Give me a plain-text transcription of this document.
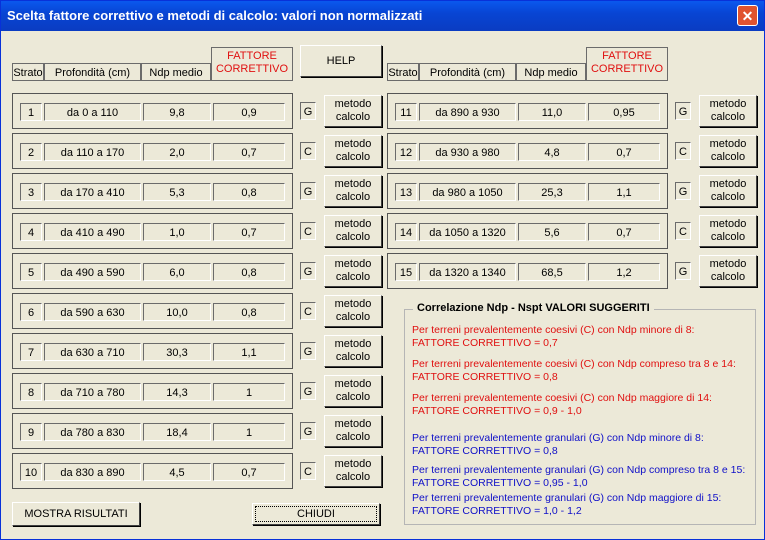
Scelta fattore correttivo e metodi di calcolo: valori non normalizzati	✕
Strato	Profondità (cm)	Ndp medio
FATTORE
CORRETTIVO
HELP
Strato	Profondità (cm)	Ndp medio
FATTORE
CORRETTIVO
1	da 0 a 110	9,8	0,9	G
metodo
calcolo
2	da 110 a 170	2,0	0,7	C
metodo
calcolo
3	da 170 a 410	5,3	0,8	G
metodo
calcolo
4	da 410 a 490	1,0	0,7	C
metodo
calcolo
5	da 490 a 590	6,0	0,8	G
metodo
calcolo
6	da 590 a 630	10,0	0,8	C
metodo
calcolo
7	da 630 a 710	30,3	1,1	G
metodo
calcolo
8	da 710 a 780	14,3	1	G
metodo
calcolo
9	da 780 a 830	18,4	1	G
metodo
calcolo
10	da 830 a 890	4,5	0,7	C
metodo
calcolo
11	da 890 a 930	11,0	0,95	G
metodo
calcolo
12	da 930 a 980	4,8	0,7	C
metodo
calcolo
13	da 980 a 1050	25,3	1,1	G
metodo
calcolo
14	da 1050 a 1320	5,6	0,7	C
metodo
calcolo
15	da 1320 a 1340	68,5	1,2	G
metodo
calcolo
Correlazione Ndp - Nspt VALORI SUGGERITI
Per terreni prevalentemente coesivi (C) con Ndp minore di 8:
FATTORE CORRETTIVO = 0,7
Per terreni prevalentemente coesivi (C) con Ndp compreso tra 8 e 14:
FATTORE CORRETTIVO = 0,8
Per terreni prevalentemente coesivi (C) con Ndp maggiore di 14:
FATTORE CORRETTIVO = 0,9 - 1,0
Per terreni prevalentemente granulari (G) con Ndp minore di 8:
FATTORE CORRETTIVO = 0,8
Per terreni prevalentemente granulari (G) con Ndp compreso tra 8 e 15:
FATTORE CORRETTIVO = 0,95 - 1,0
Per terreni prevalentemente granulari (G) con Ndp maggiore di 15:
FATTORE CORRETTIVO = 1,0 - 1,2
MOSTRA RISULTATI	CHIUDI
